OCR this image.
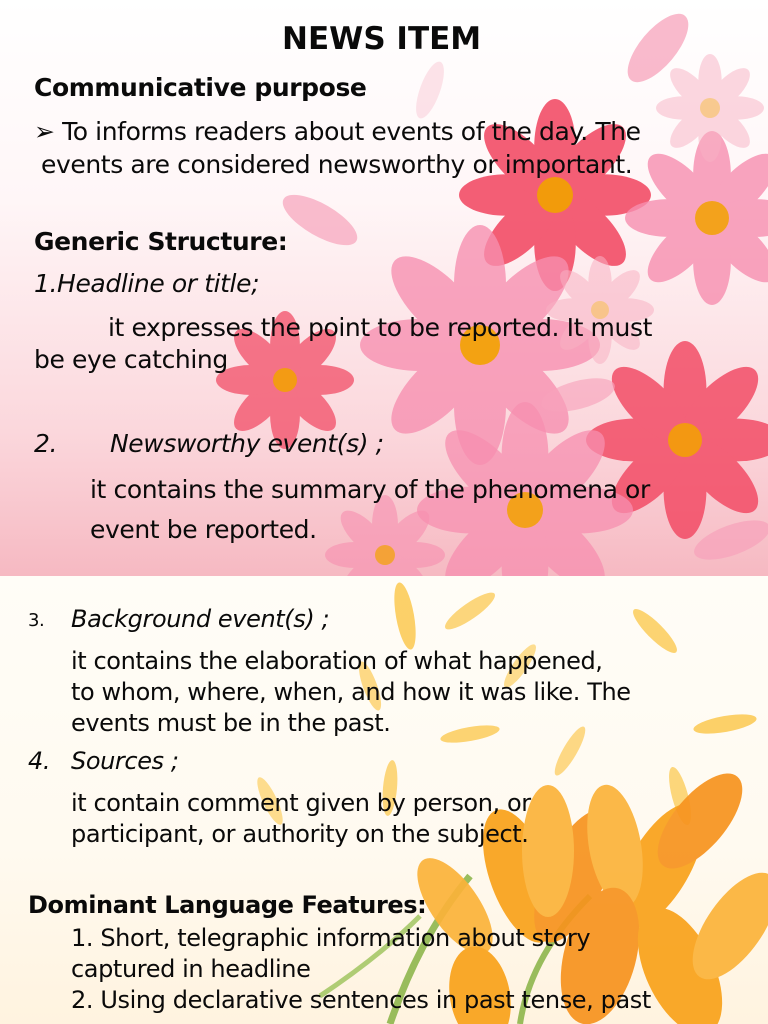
NEWS ITEM

Communicative purpose

➢ To informs readers about events of the day. The

events are considered newsworthy or important.

Generic Structure:

1.Headline or title;

it expresses the point to be reported. It must

be eye catching

2. Newsworthy event(s) ;

it contains the summary of the phenomena or

event be reported.

3. Background event(s) ;

it contains the elaboration of what happened,

to whom, where, when, and how it was like. The

events must be in the past.

4. Sources ;

it contain comment given by person, or

participant, or authority on the subject.

Dominant Language Features:

1. Short, telegraphic information about story

captured in headline

2. Using declarative sentences in past tense, past
